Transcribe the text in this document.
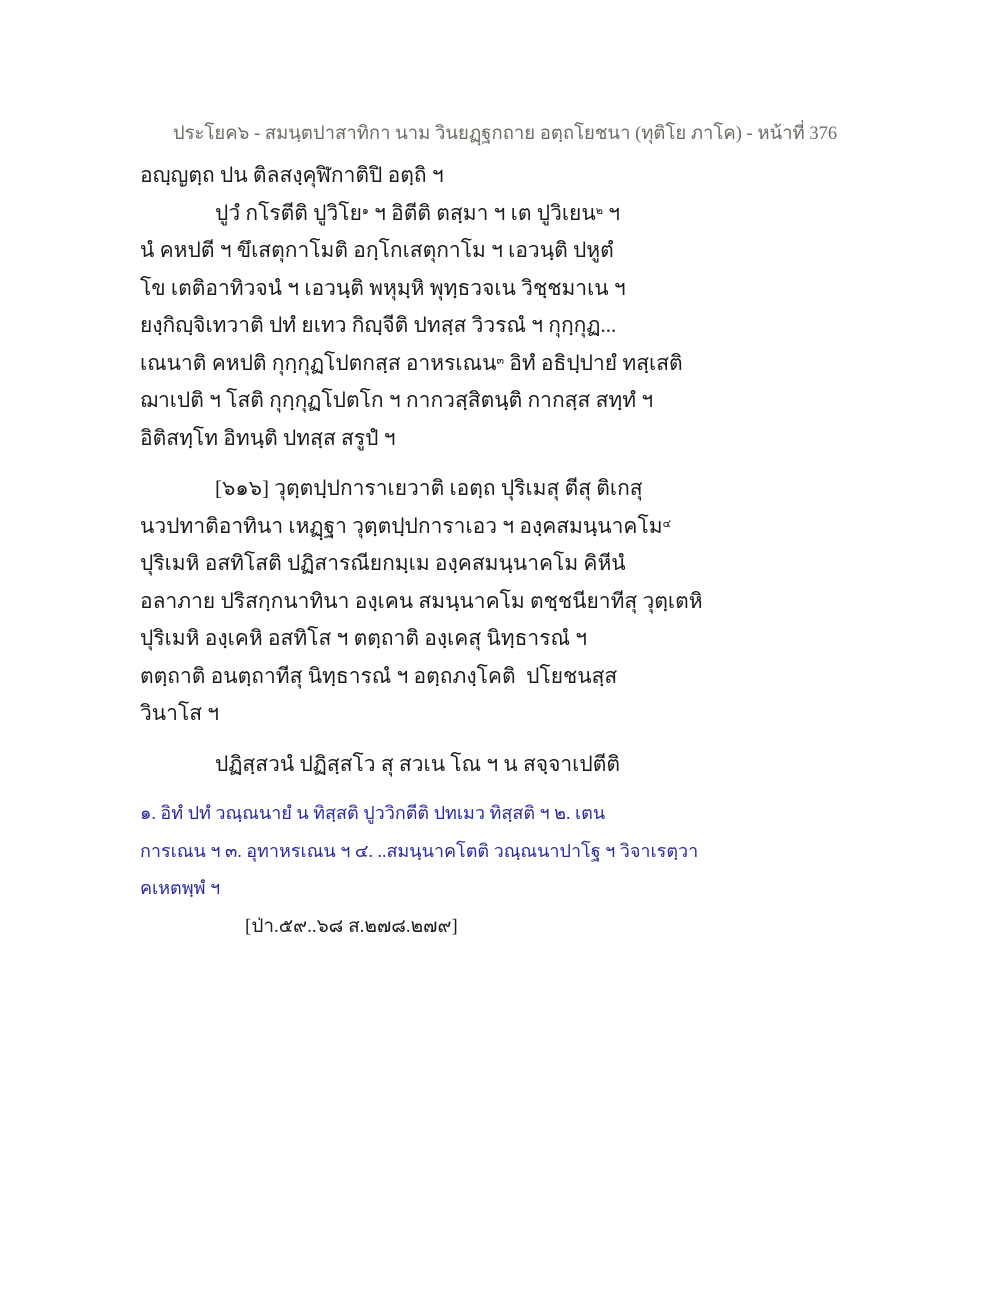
ประโยค๖ - สมนฺตปาสาทิกา นาม วินยฏฺฐกถาย อตฺถโยชนา (ทุติโย ภาโค) - หน้าที่ 376
อญฺญตฺถ ปน ติลสงฺคุฬิกาติปิ อตฺถิ ฯ
ปูวํ กโรตีติ ปูวิโย$^๑$ ฯ อิตีติ ตสฺมา ฯ เต ปูวิเยน$^๒$ ฯ
นํ คหปตี ฯ ขึเสตุกาโมติ อกฺโกเสตุกาโม ฯ เอวนฺติ ปหูตํ
โข เตติอาทิวจนํ ฯ เอวนฺติ พหุมฺหิ พุทฺธวจเน วิชฺชมาเน ฯ
ยงฺกิญฺจิเทวาติ ปทํ ยเทว กิญฺจีติ ปทสฺส วิวรณํ ฯ กุกฺกุฏ...
เณนาติ คหปติ กุกฺกุฏโปตกสฺส อาหรเณน$^๓$ อิทํ อธิปฺปายํ ทสฺเสติ
ฌาเปติ ฯ โสติ กุกฺกุฏโปตโก ฯ กากวสฺสิตนฺติ กากสฺส สทฺทํ ฯ
อิติสทฺโท อิทนฺติ ปทสฺส สรูปํ ฯ
[๖๑๖] วุตฺตปฺปการาเยวาติ เอตฺถ ปุริเมสุ ตีสุ ติเกสุ
นวปทาติอาทินา เหฏฺฐา วุตฺตปฺปการาเอว ฯ องฺคสมนฺนาคโม$^๔$
ปุริเมหิ อสทิโสติ ปฏิสารณียกมฺเม องฺคสมนฺนาคโม คิหีนํ
อลาภาย ปริสกฺกนาทินา องฺเคน สมนฺนาคโม ตชฺชนียาทีสุ วุตฺเตหิ
ปุริเมหิ องฺเคหิ อสทิโส ฯ ตตฺถาติ องฺเคสุ นิทฺธารณํ ฯ
ตตฺถาติ อนตฺถาทีสุ นิทฺธารณํ ฯ อตฺถภงฺโคติ  ปโยชนสฺส
วินาโส ฯ
ปฏิสฺสวนํ ปฏิสฺสโว สุ สวเน โณ ฯ น สจฺจาเปตีติ
๑. อิทํ ปทํ วณฺณนายํ น ทิสฺสติ ปูววิกตีติ ปทเมว ทิสฺสติ ฯ ๒. เตน
การเณน ฯ ๓. อุทาหรเณน ฯ ๔. ..สมนฺนาคโตติ วณฺณนาปาโฐ ฯ วิจาเรตฺวา
คเหตพฺพํ ฯ
[ป่า.๕๙..๖๘ ส.๒๗๘.๒๗๙]
